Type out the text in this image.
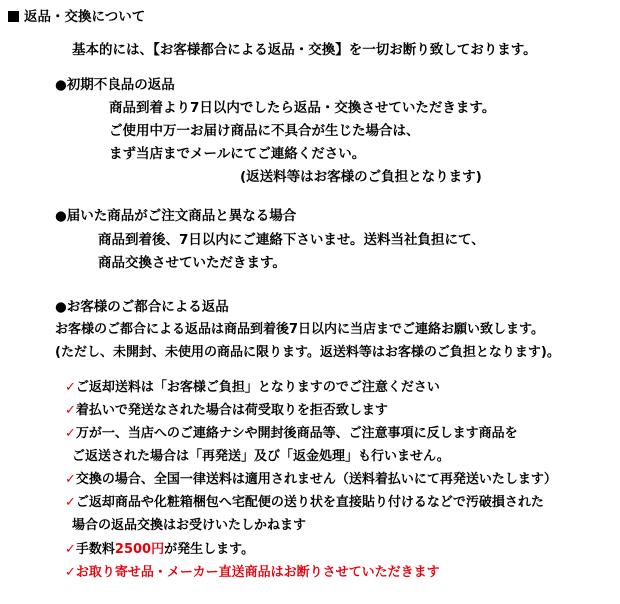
返品・交換について
基本的には、【お客様都合による返品・交換】を一切お断り致しております。
●初期不良品の返品
商品到着より7日以内でしたら返品・交換させていただきます。
ご使用中万一お届け商品に不具合が生じた場合は、
まず当店までメールにてご連絡ください。
(返送料等はお客様のご負担となります)
●届いた商品がご注文商品と異なる場合
商品到着後、7日以内にご連絡下さいませ。送料当社負担にて、
商品交換させていただきます。
●お客様のご都合による返品
お客様のご都合による返品は商品到着後7日以内に当店までご連絡お願い致します。
(ただし、未開封、未使用の商品に限ります。返送料等はお客様のご負担となります)。
✓ご返却送料は「お客様ご負担」となりますのでご注意ください
✓着払いで発送なされた場合は荷受取りを拒否致します
✓万が一、当店へのご連絡ナシや開封後商品等、ご注意事項に反します商品を
ご返送された場合は「再発送」及び「返金処理」も行いません。
✓交換の場合、全国一律送料は適用されません（送料着払いにて再発送いたします）
✓ご返却商品や化粧箱梱包へ宅配便の送り状を直接貼り付けるなどで汚破損された
場合の返品交換はお受けいたしかねます
✓手数料2500円が発生します。
✓お取り寄せ品・メーカー直送商品はお断りさせていただきます
